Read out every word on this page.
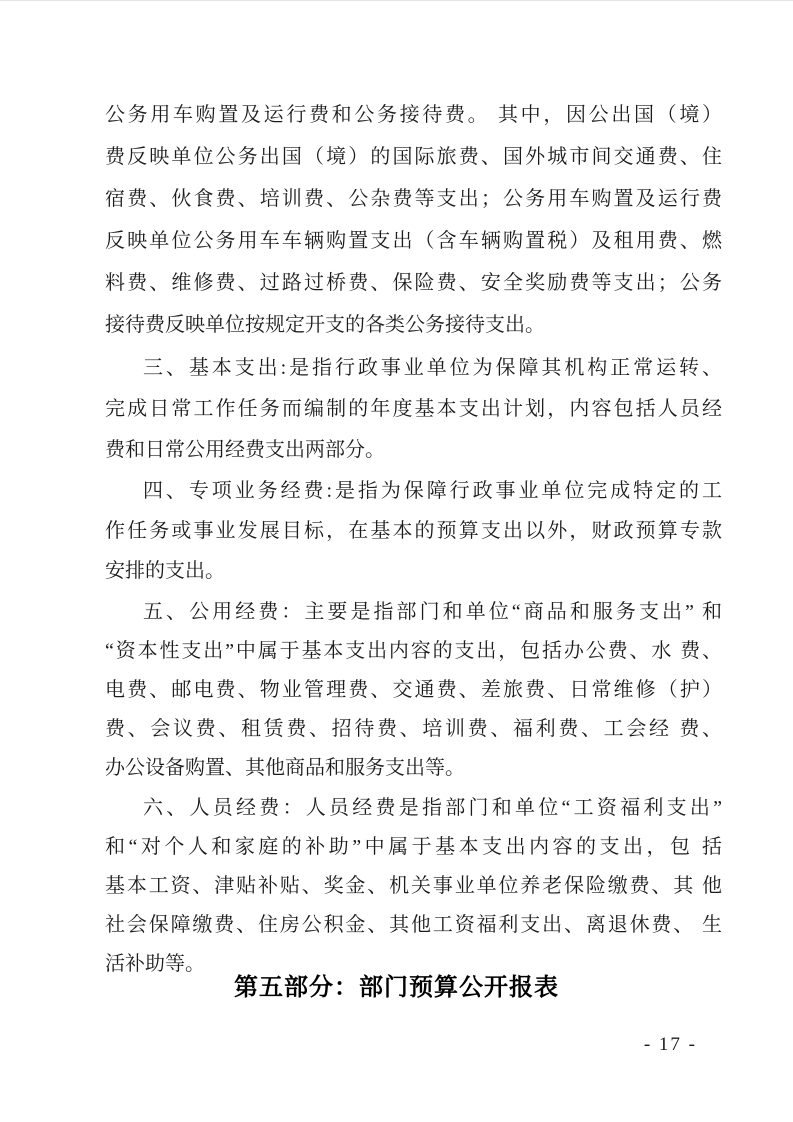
公务用车购置及运行费和公务接待费。 其中，因公出国（境）
费反映单位公务出国（境）的国际旅费、国外城市间交通费、住
宿费、伙食费、培训费、公杂费等支出；公务用车购置及运行费
反映单位公务用车车辆购置支出（含车辆购置税）及租用费、燃
料费、维修费、过路过桥费、保险费、安全奖励费等支出；公务
接待费反映单位按规定开支的各类公务接待支出。
三、基本支出:是指行政事业单位为保障其机构正常运转、
完成日常工作任务而编制的年度基本支出计划，内容包括人员经
费和日常公用经费支出两部分。
四、专项业务经费:是指为保障行政事业单位完成特定的工
作任务或事业发展目标，在基本的预算支出以外，财政预算专款
安排的支出。
五、公用经费：主要是指部门和单位“商品和服务支出” 和
“资本性支出”中属于基本支出内容的支出，包括办公费、水 费、
电费、邮电费、物业管理费、交通费、差旅费、日常维修（护）
费、会议费、租赁费、招待费、培训费、福利费、工会经 费、
办公设备购置、其他商品和服务支出等。
六、人员经费：人员经费是指部门和单位“工资福利支出”
和“对个人和家庭的补助”中属于基本支出内容的支出，包 括
基本工资、津贴补贴、奖金、机关事业单位养老保险缴费、其 他
社会保障缴费、住房公积金、其他工资福利支出、离退休费、 生
活补助等。
第五部分：部门预算公开报表
- 17 -
